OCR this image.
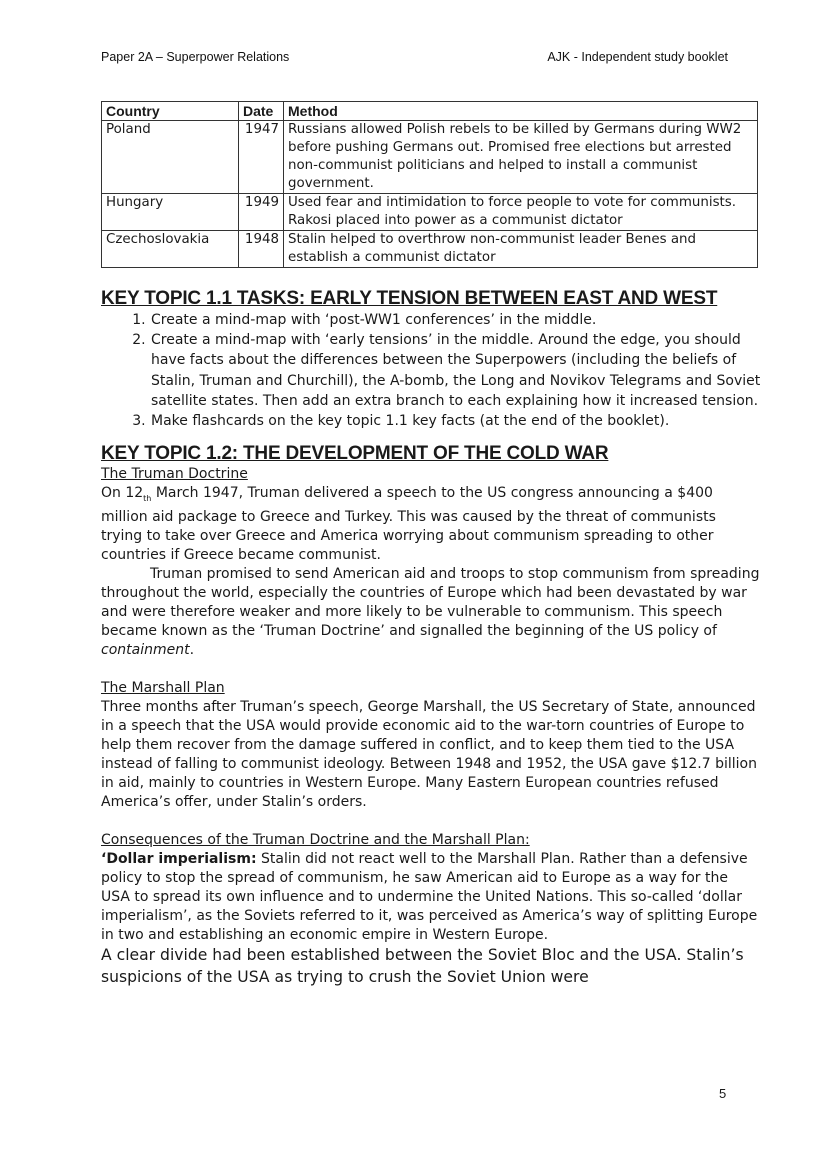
Paper 2A – Superpower Relations	AJK - Independent study booklet
Country	Date	Method
Poland	1947	Russians allowed Polish rebels to be killed by Germans during WW2 before pushing Germans out. Promised free elections but arrested non-communist politicians and helped to install a communist government.
Hungary	1949	Used fear and intimidation to force people to vote for communists. Rakosi placed into power as a communist dictator
Czechoslovakia	1948	Stalin helped to overthrow non-communist leader Benes and establish a communist dictator
KEY TOPIC 1.1 TASKS: EARLY TENSION BETWEEN EAST AND WEST
1. Create a mind-map with ‘post-WW1 conferences’ in the middle.
2. Create a mind-map with ‘early tensions’ in the middle. Around the edge, you should have facts about the differences between the Superpowers (including the beliefs of Stalin, Truman and Churchill), the A-bomb, the Long and Novikov Telegrams and Soviet satellite states. Then add an extra branch to each explaining how it increased tension.
3. Make flashcards on the key topic 1.1 key facts (at the end of the booklet).
KEY TOPIC 1.2: THE DEVELOPMENT OF THE COLD WAR
The Truman Doctrine

On $12_{th}$ March 1947, Truman delivered a speech to the US congress announcing a $400 million aid package to Greece and Turkey. This was caused by the threat of communists trying to take over Greece and America worrying about communism spreading to other countries if Greece became communist.

Truman promised to send American aid and troops to stop communism from spreading throughout the world, especially the countries of Europe which had been devastated by war and were therefore weaker and more likely to be vulnerable to communism. This speech became known as the ‘Truman Doctrine’ and signalled the beginning of the US policy of containment.

The Marshall Plan

Three months after Truman’s speech, George Marshall, the US Secretary of State, announced in a speech that the USA would provide economic aid to the war-torn countries of Europe to help them recover from the damage suffered in conflict, and to keep them tied to the USA instead of falling to communist ideology. Between 1948 and 1952, the USA gave $12.7 billion in aid, mainly to countries in Western Europe. Many Eastern European countries refused America’s offer, under Stalin’s orders.

Consequences of the Truman Doctrine and the Marshall Plan:

‘Dollar imperialism: Stalin did not react well to the Marshall Plan. Rather than a defensive policy to stop the spread of communism, he saw American aid to Europe as a way for the USA to spread its own influence and to undermine the United Nations. This so-called ‘dollar imperialism’, as the Soviets referred to it, was perceived as America’s way of splitting Europe in two and establishing an economic empire in Western Europe.

A clear divide had been established between the Soviet Bloc and the USA. Stalin’s suspicions of the USA as trying to crush the Soviet Union were

5
